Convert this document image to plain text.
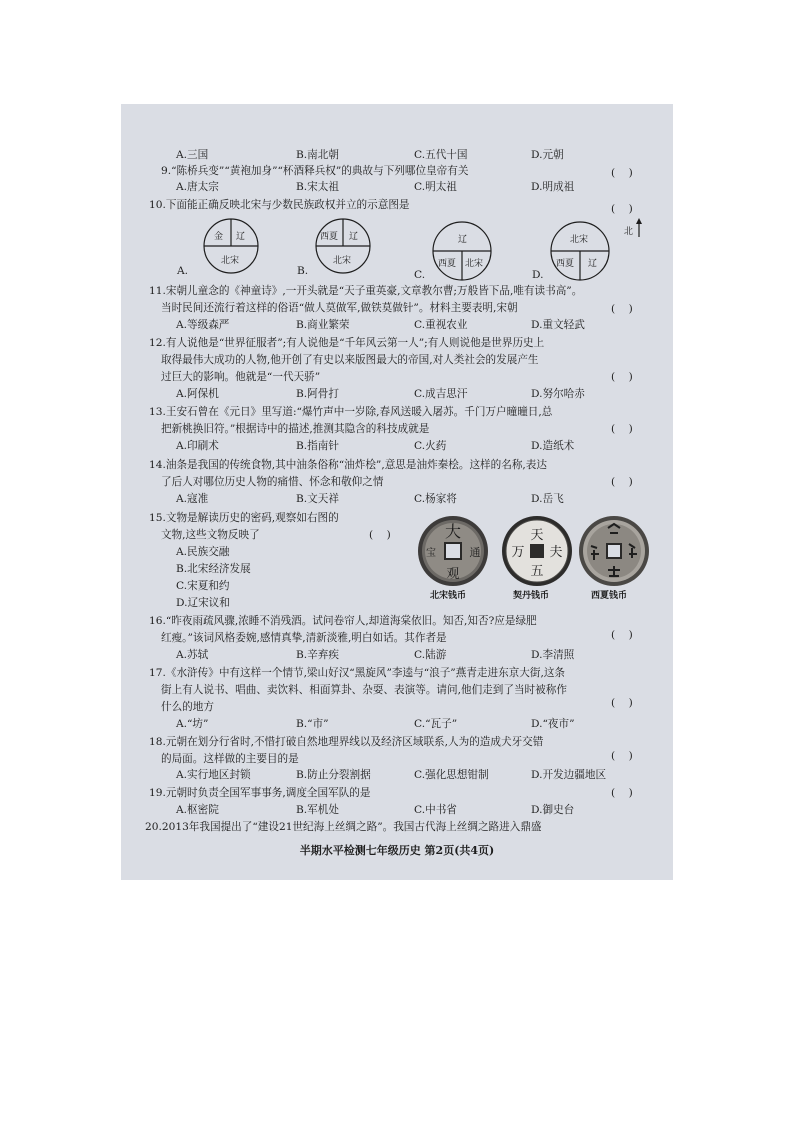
A.三国	B.南北朝	C.五代十国	D.元朝
9.“陈桥兵变”“黄袍加身”“杯酒释兵权”的典故与下列哪位皇帝有关	(    )
A.唐太宗	B.宋太祖	C.明太祖	D.明成祖
10.下面能正确反映北宋与少数民族政权并立的示意图是	(    )
北
A.
金 辽
北宋
B.
西夏 辽
北宋
C.
辽
西夏 北宋
D.
北宋
西夏 辽
11.宋朝儿童念的《神童诗》,一开头就是“天子重英豪,文章教尔曹;万般皆下品,唯有读书高”。
当时民间还流行着这样的俗语“做人莫做军,做铁莫做针”。材料主要表明,宋朝	(    )
A.等级森严	B.商业繁荣	C.重视农业	D.重文轻武
12.有人说他是“世界征服者”;有人说他是“千年风云第一人”;有人则说他是世界历史上
取得最伟大成功的人物,他开创了有史以来版图最大的帝国,对人类社会的发展产生
过巨大的影响。他就是“一代天骄”	(    )
A.阿保机	B.阿骨打	C.成吉思汗	D.努尔哈赤
13.王安石曾在《元日》里写道:“爆竹声中一岁除,春风送暖入屠苏。千门万户曈曈日,总
把新桃换旧符。”根据诗中的描述,推测其隐含的科技成就是	(    )
A.印刷术	B.指南针	C.火药	D.造纸术
14.油条是我国的传统食物,其中油条俗称“油炸桧”,意思是油炸秦桧。这样的名称,表达
了后人对哪位历史人物的痛惜、怀念和敬仰之情	(    )
A.寇准	B.文天祥	C.杨家将	D.岳飞
15.文物是解读历史的密码,观察如右图的
文物,这些文物反映了	(    )
A.民族交融
B.北宋经济发展
C.宋夏和约
D.辽宋议和
大
通
观
宝
北宋钱币
天
夫
五
万
契丹钱币	西夏钱币
16.“昨夜雨疏风骤,浓睡不消残酒。试问卷帘人,却道海棠依旧。知否,知否?应是绿肥
红瘦。”该词风格委婉,感情真挚,清新淡雅,明白如话。其作者是	(    )
A.苏轼	B.辛弃疾	C.陆游	D.李清照
17.《水浒传》中有这样一个情节,梁山好汉“黑旋风”李逵与“浪子”燕青走进东京大街,这条
街上有人说书、唱曲、卖饮料、相面算卦、杂耍、表演等。请问,他们走到了当时被称作
什么的地方	(    )
A.“坊”	B.“市”	C.“瓦子”	D.“夜市”
18.元朝在划分行省时,不惜打破自然地理界线以及经济区域联系,人为的造成犬牙交错
的局面。这样做的主要目的是	(    )
A.实行地区封锁	B.防止分裂割据	C.强化思想钳制	D.开发边疆地区
19.元朝时负责全国军事事务,调度全国军队的是	(    )
A.枢密院	B.军机处	C.中书省	D.御史台
20.2013年我国提出了“建设21世纪海上丝绸之路”。我国古代海上丝绸之路进入鼎盛
半期水平检测七年级历史 第2页(共4页)
